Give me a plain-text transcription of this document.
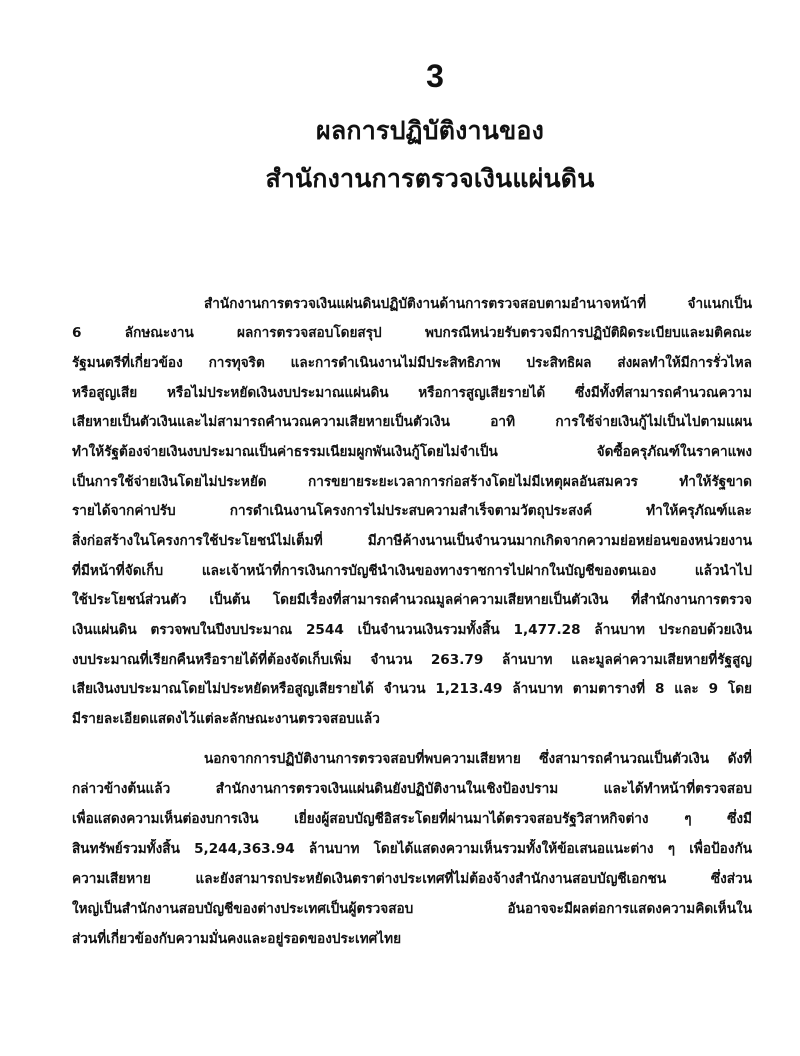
3
ผลการปฏิบัติงานของ
สำนักงานการตรวจเงินแผ่นดิน
สำนักงานการตรวจเงินแผ่นดินปฏิบัติงานด้านการตรวจสอบตามอำนาจหน้าที่ จำแนกเป็น
6 ลักษณะงาน ผลการตรวจสอบโดยสรุป พบกรณีหน่วยรับตรวจมีการปฏิบัติผิดระเบียบและมติคณะ
รัฐมนตรีที่เกี่ยวข้อง การทุจริต และการดำเนินงานไม่มีประสิทธิภาพ ประสิทธิผล ส่งผลทำให้มีการรั่วไหล
หรือสูญเสีย หรือไม่ประหยัดเงินงบประมาณแผ่นดิน หรือการสูญเสียรายได้ ซึ่งมีทั้งที่สามารถคำนวณความ
เสียหายเป็นตัวเงินและไม่สามารถคำนวณความเสียหายเป็นตัวเงิน อาทิ การใช้จ่ายเงินกู้ไม่เป็นไปตามแผน
ทำให้รัฐต้องจ่ายเงินงบประมาณเป็นค่าธรรมเนียมผูกพันเงินกู้โดยไม่จำเป็น จัดซื้อครุภัณฑ์ในราคาแพง
เป็นการใช้จ่ายเงินโดยไม่ประหยัด การขยายระยะเวลาการก่อสร้างโดยไม่มีเหตุผลอันสมควร ทำให้รัฐขาด
รายได้จากค่าปรับ การดำเนินงานโครงการไม่ประสบความสำเร็จตามวัตถุประสงค์ ทำให้ครุภัณฑ์และ
สิ่งก่อสร้างในโครงการใช้ประโยชน์ไม่เต็มที่ มีภาษีค้างนานเป็นจำนวนมากเกิดจากความย่อหย่อนของหน่วยงาน
ที่มีหน้าที่จัดเก็บ และเจ้าหน้าที่การเงินการบัญชีนำเงินของทางราชการไปฝากในบัญชีของตนเอง แล้วนำไป
ใช้ประโยชน์ส่วนตัว เป็นต้น โดยมีเรื่องที่สามารถคำนวณมูลค่าความเสียหายเป็นตัวเงิน ที่สำนักงานการตรวจ
เงินแผ่นดิน ตรวจพบในปีงบประมาณ 2544 เป็นจำนวนเงินรวมทั้งสิ้น 1,477.28 ล้านบาท ประกอบด้วยเงิน
งบประมาณที่เรียกคืนหรือรายได้ที่ต้องจัดเก็บเพิ่ม จำนวน 263.79 ล้านบาท และมูลค่าความเสียหายที่รัฐสูญ
เสียเงินงบประมาณโดยไม่ประหยัดหรือสูญเสียรายได้ จำนวน 1,213.49 ล้านบาท ตามตารางที่ 8 และ 9 โดย
มีรายละเอียดแสดงไว้แต่ละลักษณะงานตรวจสอบแล้ว
นอกจากการปฏิบัติงานการตรวจสอบที่พบความเสียหาย ซึ่งสามารถคำนวณเป็นตัวเงิน ดังที่
กล่าวข้างต้นแล้ว สำนักงานการตรวจเงินแผ่นดินยังปฏิบัติงานในเชิงป้องปราม และได้ทำหน้าที่ตรวจสอบ
เพื่อแสดงความเห็นต่องบการเงิน เยี่ยงผู้สอบบัญชีอิสระโดยที่ผ่านมาได้ตรวจสอบรัฐวิสาหกิจต่าง ๆ ซึ่งมี
สินทรัพย์รวมทั้งสิ้น 5,244,363.94 ล้านบาท โดยได้แสดงความเห็นรวมทั้งให้ข้อเสนอแนะต่าง ๆ เพื่อป้องกัน
ความเสียหาย และยังสามารถประหยัดเงินตราต่างประเทศที่ไม่ต้องจ้างสำนักงานสอบบัญชีเอกชน ซึ่งส่วน
ใหญ่เป็นสำนักงานสอบบัญชีของต่างประเทศเป็นผู้ตรวจสอบ อันอาจจะมีผลต่อการแสดงความคิดเห็นใน
ส่วนที่เกี่ยวข้องกับความมั่นคงและอยู่รอดของประเทศไทย
